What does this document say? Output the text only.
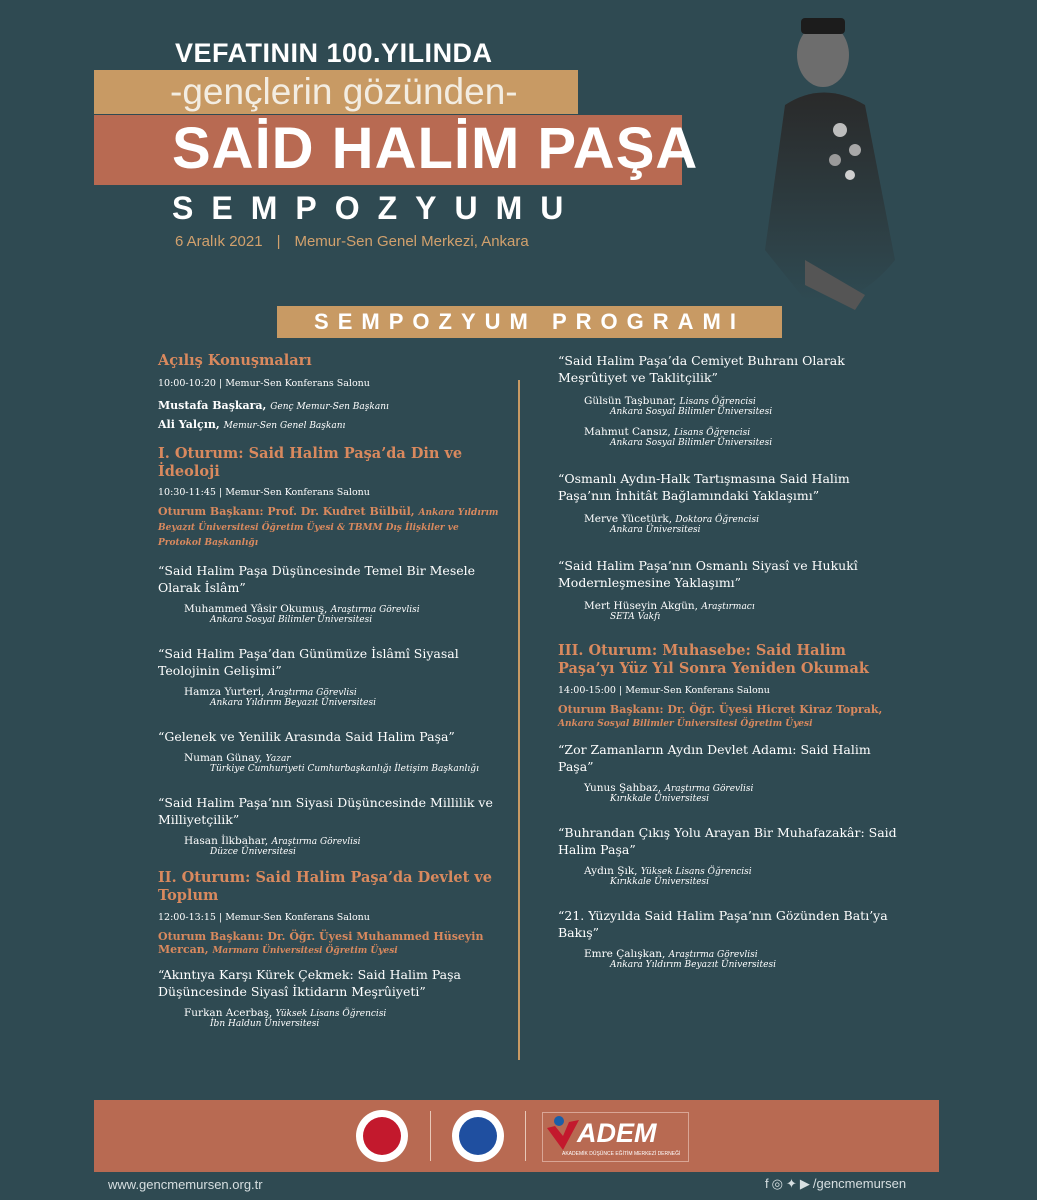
VEFATININ 100.YILINDA
-gençlerin gözünden-
SAİD HALİM PAŞA
SEMPOZYUMU
6 Aralık 2021 | Memur-Sen Genel Merkezi, Ankara
SEMPOZYUM PROGRAMI
Açılış Konuşmaları
10:00-10:20 | Memur-Sen Konferans Salonu
Mustafa Başkara, Genç Memur-Sen Başkanı
Ali Yalçın, Memur-Sen Genel Başkanı
I. Oturum: Said Halim Paşa’da Din ve İdeoloji
10:30-11:45 | Memur-Sen Konferans Salonu
Oturum Başkanı: Prof. Dr. Kudret Bülbül, Ankara Yıldırım Beyazıt Üniversitesi Öğretim Üyesi & TBMM Dış İlişkiler ve Protokol Başkanlığı
“Said Halim Paşa Düşüncesinde Temel Bir Mesele Olarak İslâm”
Muhammed Yâsir Okumuş, Araştırma Görevlisi
Ankara Sosyal Bilimler Üniversitesi
“Said Halim Paşa’dan Günümüze İslâmî Siyasal Teolojinin Gelişimi”
Hamza Yurteri, Araştırma Görevlisi
Ankara Yıldırım Beyazıt Üniversitesi
“Gelenek ve Yenilik Arasında Said Halim Paşa”
Numan Günay, Yazar
Türkiye Cumhuriyeti Cumhurbaşkanlığı İletişim Başkanlığı
“Said Halim Paşa’nın Siyasi Düşüncesinde Millilik ve Milliyetçilik”
Hasan İlkbahar, Araştırma Görevlisi
Düzce Üniversitesi
II. Oturum: Said Halim Paşa’da Devlet ve Toplum
12:00-13:15 | Memur-Sen Konferans Salonu
Oturum Başkanı: Dr. Öğr. Üyesi Muhammed Hüseyin Mercan, Marmara Üniversitesi Öğretim Üyesi
“Akıntıya Karşı Kürek Çekmek: Said Halim Paşa Düşüncesinde Siyasî İktidarın Meşrûiyeti”
Furkan Acerbaş, Yüksek Lisans Öğrencisi
İbn Haldun Üniversitesi
“Said Halim Paşa’da Cemiyet Buhranı Olarak Meşrûtiyet ve Taklitçilik”
Gülsün Taşbunar, Lisans Öğrencisi
Ankara Sosyal Bilimler Üniversitesi
Mahmut Cansız, Lisans Öğrencisi
Ankara Sosyal Bilimler Üniversitesi
“Osmanlı Aydın-Halk Tartışmasına Said Halim Paşa’nın İnhitât Bağlamındaki Yaklaşımı”
Merve Yücetürk, Doktora Öğrencisi
Ankara Üniversitesi
“Said Halim Paşa’nın Osmanlı Siyasî ve Hukukî Modernleşmesine Yaklaşımı”
Mert Hüseyin Akgün, Araştırmacı
SETA Vakfı
III. Oturum: Muhasebe: Said Halim Paşa’yı Yüz Yıl Sonra Yeniden Okumak
14:00-15:00 | Memur-Sen Konferans Salonu
Oturum Başkanı: Dr. Öğr. Üyesi Hicret Kiraz Toprak, Ankara Sosyal Bilimler Üniversitesi Öğretim Üyesi
“Zor Zamanların Aydın Devlet Adamı: Said Halim Paşa”
Yunus Şahbaz, Araştırma Görevlisi
Kırıkkale Üniversitesi
“Buhrandan Çıkış Yolu Arayan Bir Muhafazakâr: Said Halim Paşa”
Aydın Şık, Yüksek Lisans Öğrencisi
Kırıkkale Üniversitesi
“21. Yüzyılda Said Halim Paşa’nın Gözünden Batı’ya Bakış”
Emre Çalışkan, Araştırma Görevlisi
Ankara Yıldırım Beyazıt Üniversitesi
ADEM
AKADEMİK DÜŞÜNCE EĞİTİM MERKEZİ DERNEĞİ
www.gencmemursen.org.tr	f ◎ ✦ ▶ /gencmemursen
